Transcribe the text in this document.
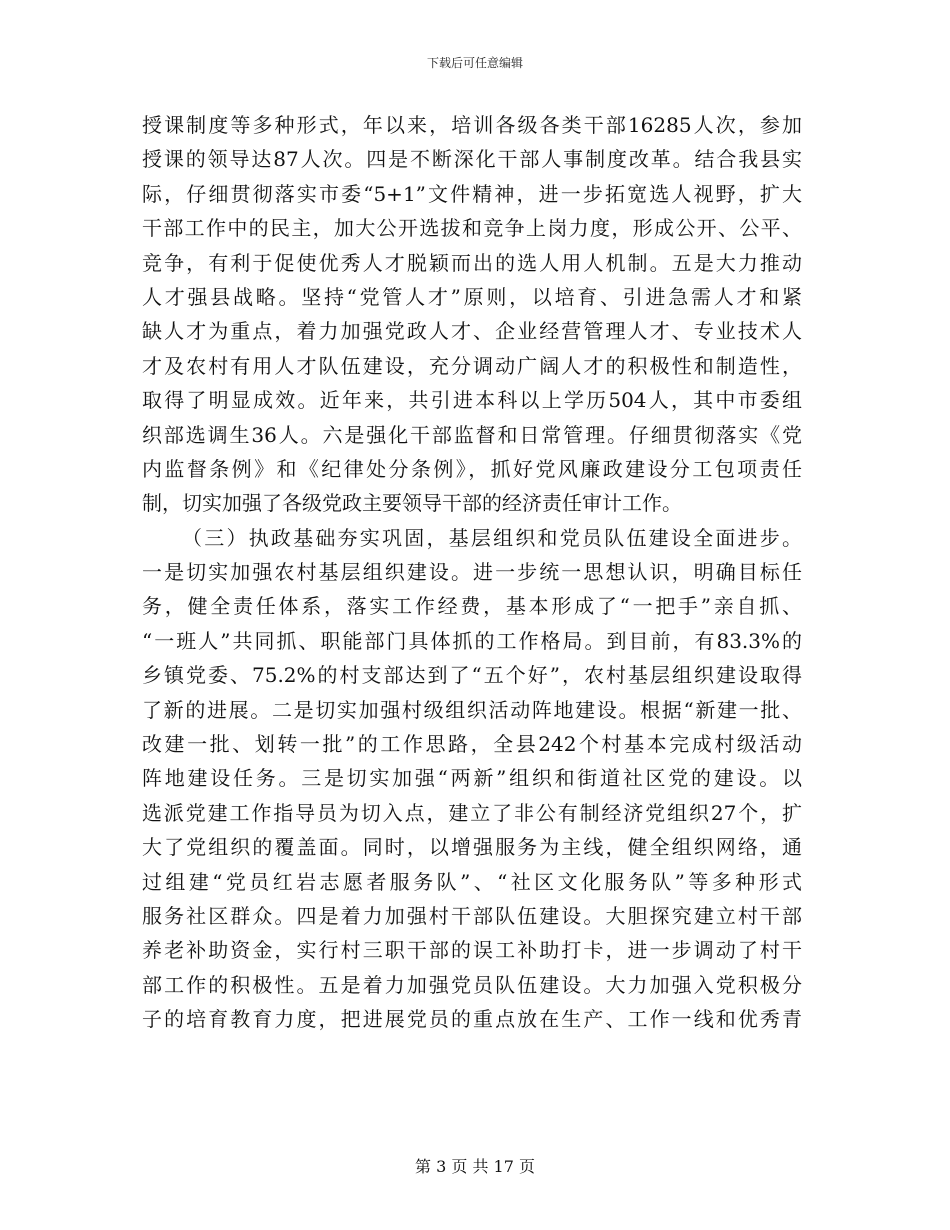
下载后可任意编辑
授课制度等多种形式，年以来，培训各级各类干部16285人次，参加
授课的领导达87人次。四是不断深化干部人事制度改革。结合我县实
际，仔细贯彻落实市委“5+1”文件精神，进一步拓宽选人视野，扩大
干部工作中的民主，加大公开选拔和竞争上岗力度，形成公开、公平、
竞争，有利于促使优秀人才脱颖而出的选人用人机制。五是大力推动
人才强县战略。坚持“党管人才”原则，以培育、引进急需人才和紧
缺人才为重点，着力加强党政人才、企业经营管理人才、专业技术人
才及农村有用人才队伍建设，充分调动广阔人才的积极性和制造性，
取得了明显成效。近年来，共引进本科以上学历504人，其中市委组
织部选调生36人。六是强化干部监督和日常管理。仔细贯彻落实《党
内监督条例》和《纪律处分条例》，抓好党风廉政建设分工包项责任
制，切实加强了各级党政主要领导干部的经济责任审计工作。
（三）执政基础夯实巩固，基层组织和党员队伍建设全面进步。
一是切实加强农村基层组织建设。进一步统一思想认识，明确目标任
务，健全责任体系，落实工作经费，基本形成了“一把手”亲自抓、
“一班人”共同抓、职能部门具体抓的工作格局。到目前，有83.3%的
乡镇党委、75.2%的村支部达到了“五个好”，农村基层组织建设取得
了新的进展。二是切实加强村级组织活动阵地建设。根据“新建一批、
改建一批、划转一批”的工作思路，全县242个村基本完成村级活动
阵地建设任务。三是切实加强“两新”组织和街道社区党的建设。以
选派党建工作指导员为切入点，建立了非公有制经济党组织27个，扩
大了党组织的覆盖面。同时，以增强服务为主线，健全组织网络，通
过组建“党员红岩志愿者服务队”、“社区文化服务队”等多种形式
服务社区群众。四是着力加强村干部队伍建设。大胆探究建立村干部
养老补助资金，实行村三职干部的误工补助打卡，进一步调动了村干
部工作的积极性。五是着力加强党员队伍建设。大力加强入党积极分
子的培育教育力度，把进展党员的重点放在生产、工作一线和优秀青
第 3 页 共 17 页
